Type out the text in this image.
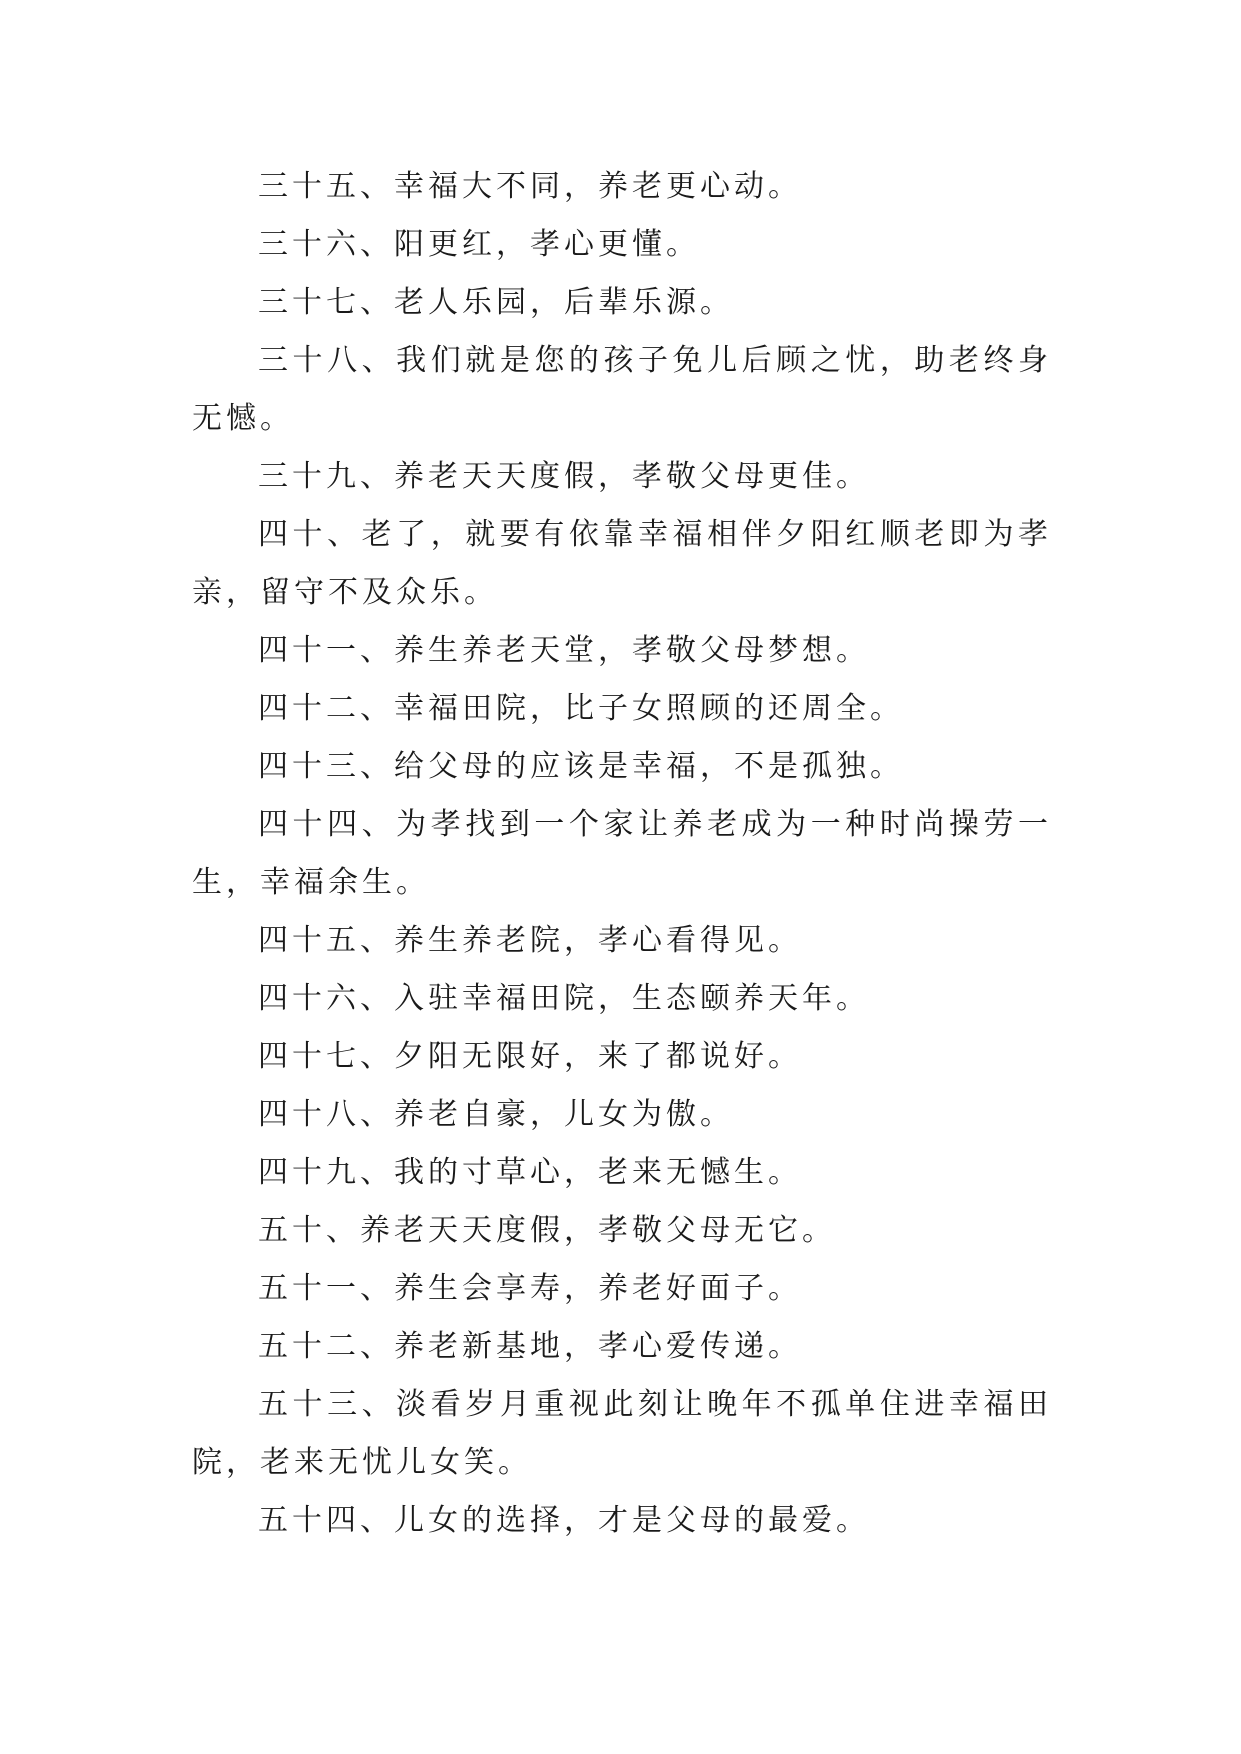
三十五、幸福大不同，养老更心动。

三十六、阳更红，孝心更懂。

三十七、老人乐园，后辈乐源。

三十八、我们就是您的孩子免儿后顾之忧，助老终身无憾。

三十九、养老天天度假，孝敬父母更佳。

四十、老了，就要有依靠幸福相伴夕阳红顺老即为孝亲，留守不及众乐。

四十一、养生养老天堂，孝敬父母梦想。

四十二、幸福田院，比子女照顾的还周全。

四十三、给父母的应该是幸福，不是孤独。

四十四、为孝找到一个家让养老成为一种时尚操劳一生，幸福余生。

四十五、养生养老院，孝心看得见。

四十六、入驻幸福田院，生态颐养天年。

四十七、夕阳无限好，来了都说好。

四十八、养老自豪，儿女为傲。

四十九、我的寸草心，老来无憾生。

五十、养老天天度假，孝敬父母无它。

五十一、养生会享寿，养老好面子。

五十二、养老新基地，孝心爱传递。

五十三、淡看岁月重视此刻让晚年不孤单住进幸福田院，老来无忧儿女笑。

五十四、儿女的选择，才是父母的最爱。
